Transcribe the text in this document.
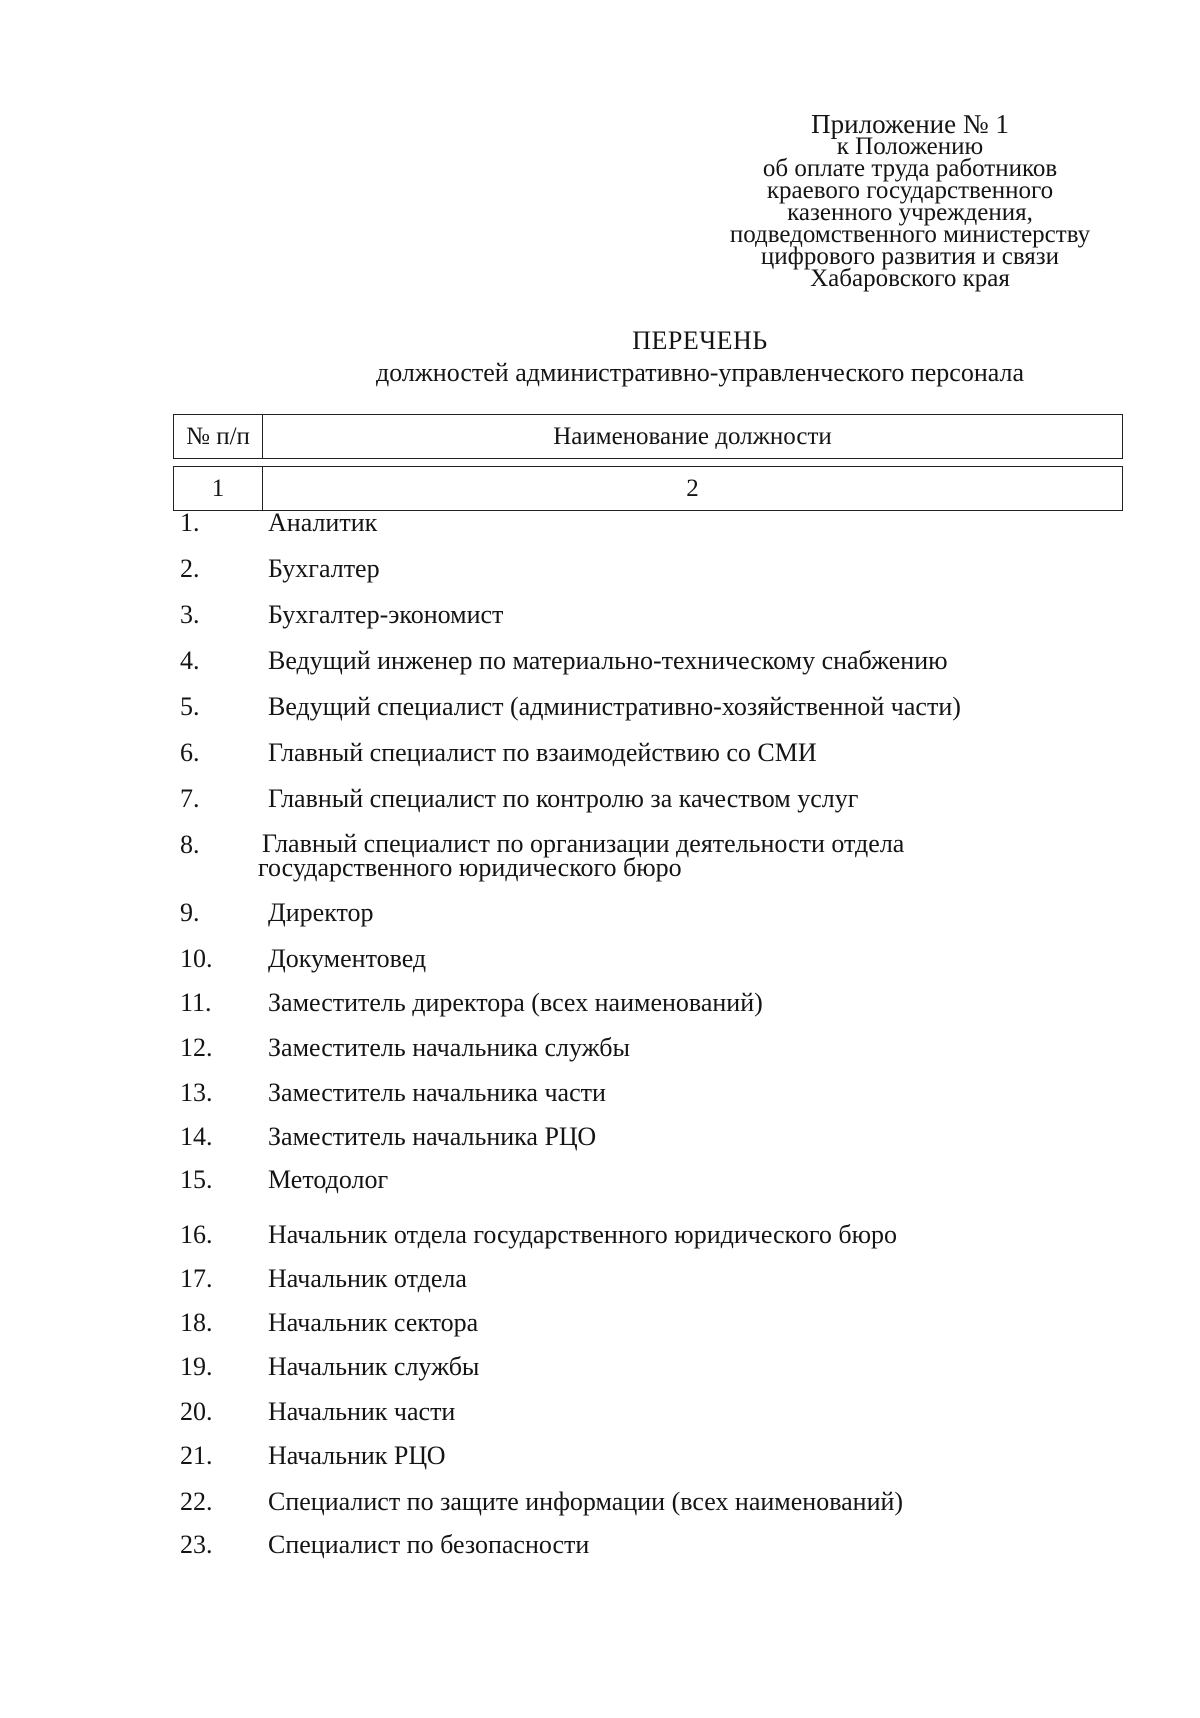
Приложение № 1
к Положению
об оплате труда работников
краевого государственного
казенного учреждения,
подведомственного министерству
цифрового развития и связи
Хабаровского края
ПЕРЕЧЕНЬ
должностей административно-управленческого персонала
№ п/п	Наименование должности
1	2
1.	Аналитик
2.	Бухгалтер
3.	Бухгалтер-экономист
4.	Ведущий инженер по материально-техническому снабжению
5.	Ведущий специалист (административно-хозяйственной части)
6.	Главный специалист по взаимодействию со СМИ
7.	Главный специалист по контролю за качеством услуг
8.	Главный специалист по организации деятельности отдела государственного юридического бюро
9.	Директор
10.	Документовед
11.	Заместитель директора (всех наименований)
12.	Заместитель начальника службы
13.	Заместитель начальника части
14.	Заместитель начальника РЦО
15.	Методолог
16.	Начальник отдела государственного юридического бюро
17.	Начальник отдела
18.	Начальник сектора
19.	Начальник службы
20.	Начальник части
21.	Начальник РЦО
22.	Специалист по защите информации (всех наименований)
23.	Специалист по безопасности
